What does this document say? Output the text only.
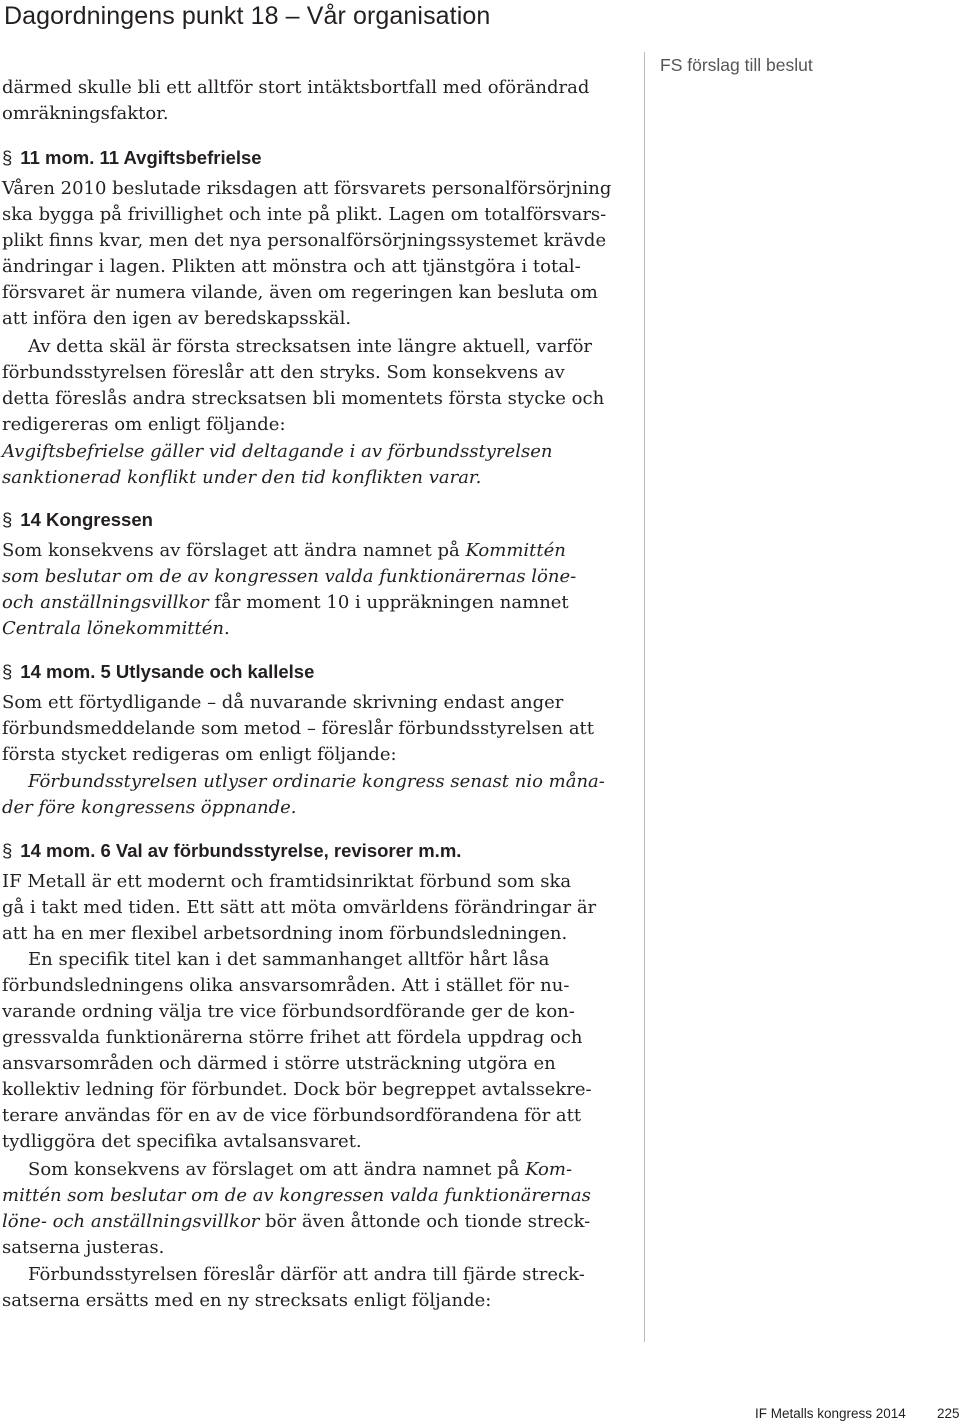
Dagordningens punkt 18 – Vår organisation
FS förslag till beslut
därmed skulle bli ett alltför stort intäktsbortfall med oförändrad
omräkningsfaktor.
§ 11 mom. 11 Avgiftsbefrielse
Våren 2010 beslutade riksdagen att försvarets personalförsörjning
ska bygga på frivillighet och inte på plikt. Lagen om totalförsvars-
plikt finns kvar, men det nya personalförsörjningssystemet krävde
ändringar i lagen. Plikten att mönstra och att tjänstgöra i total-
försvaret är numera vilande, även om regeringen kan besluta om
att införa den igen av beredskapsskäl.
Av detta skäl är första strecksatsen inte längre aktuell, varför
förbundsstyrelsen föreslår att den stryks. Som konsekvens av
detta föreslås andra strecksatsen bli momentets första stycke och
redigereras om enligt följande:
Avgiftsbefrielse gäller vid deltagande i av förbundsstyrelsen
sanktionerad konflikt under den tid konflikten varar.
§ 14 Kongressen
Som konsekvens av förslaget att ändra namnet på Kommittén
som beslutar om de av kongressen valda funktionärernas löne-
och anställningsvillkor får moment 10 i uppräkningen namnet
Centrala lönekommittén.
§ 14 mom. 5 Utlysande och kallelse
Som ett förtydligande – då nuvarande skrivning endast anger
förbundsmeddelande som metod – föreslår förbundsstyrelsen att
första stycket redigeras om enligt följande:
Förbundsstyrelsen utlyser ordinarie kongress senast nio måna-
der före kongressens öppnande.
§ 14 mom. 6 Val av förbundsstyrelse, revisorer m.m.
IF Metall är ett modernt och framtidsinriktat förbund som ska
gå i takt med tiden. Ett sätt att möta omvärldens förändringar är
att ha en mer flexibel arbetsordning inom förbundsledningen.
En specifik titel kan i det sammanhanget alltför hårt låsa
förbundsledningens olika ansvarsområden. Att i stället för nu-
varande ordning välja tre vice förbundsordförande ger de kon-
gressvalda funktionärerna större frihet att fördela uppdrag och
ansvarsområden och därmed i större utsträckning utgöra en
kollektiv ledning för förbundet. Dock bör begreppet avtalssekre-
terare användas för en av de vice förbundsordförandena för att
tydliggöra det specifika avtalsansvaret.
Som konsekvens av förslaget om att ändra namnet på Kom-
mittén som beslutar om de av kongressen valda funktionärernas
löne- och anställningsvillkor bör även åttonde och tionde streck-
satserna justeras.
Förbundsstyrelsen föreslår därför att andra till fjärde streck-
satserna ersätts med en ny strecksats enligt följande:
IF Metalls kongress 2014 225
